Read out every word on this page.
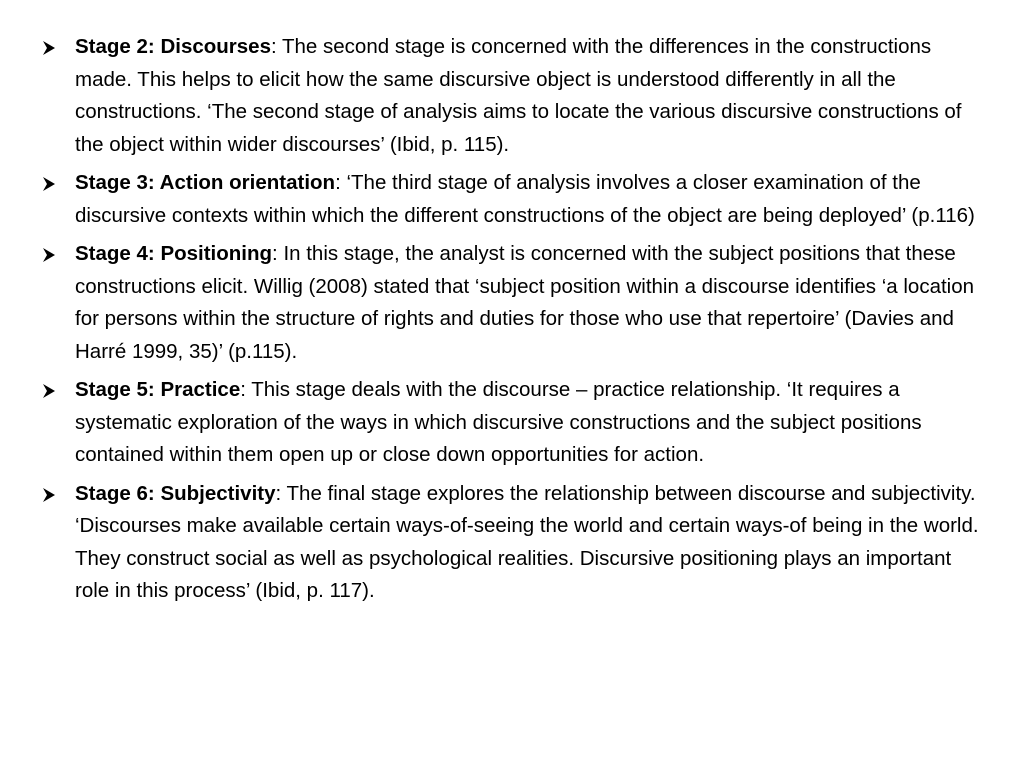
Stage 2: Discourses: The second stage is concerned with the differences in the constructions made. This helps to elicit how the same discursive object is understood differently in all the constructions. ‘The second stage of analysis aims to locate the various discursive constructions of the object within wider discourses’ (Ibid, p. 115).
Stage 3: Action orientation: ‘The third stage of analysis involves a closer examination of the discursive contexts within which the different constructions of the object are being deployed’ (p.116)
Stage 4: Positioning: In this stage, the analyst is concerned with the subject positions that these constructions elicit. Willig (2008) stated that ‘subject position within a discourse identifies ‘a location for persons within the structure of rights and duties for those who use that repertoire’ (Davies and Harré 1999, 35)’ (p.115).
Stage 5: Practice: This stage deals with the discourse – practice relationship. ‘It requires a systematic exploration of the ways in which discursive constructions and the subject positions contained within them open up or close down opportunities for action.
Stage 6: Subjectivity: The final stage explores the relationship between discourse and subjectivity. ‘Discourses make available certain ways-of-seeing the world and certain ways-of being in the world. They construct social as well as psychological realities. Discursive positioning plays an important role in this process’ (Ibid, p. 117).
